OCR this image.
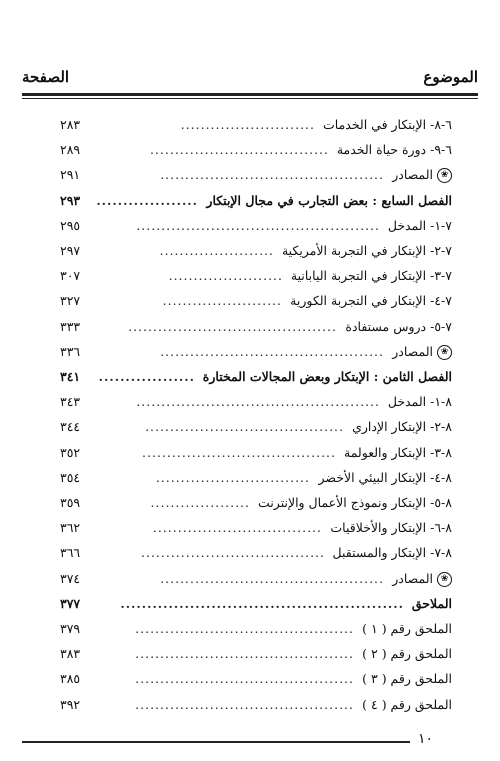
الموضوع
الصفحة
٦-٨- الإبتكار في الخدمات
...........................
٢٨٣
٦-٩- دورة حياة الخدمة
....................................
٢٨٩
❀
المصادر
.............................................
٢٩١
الفصل السابع : بعض التجارب في مجال الإبتكار
...................
٢٩٣
٧-١- المدخل
.................................................
٢٩٥
٧-٢- الإبتكار في التجربة الأمريكية
.......................
٢٩٧
٧-٣- الإبتكار في التجربة اليابانية
.......................
٣٠٧
٧-٤- الإبتكار في التجربة الكورية
........................
٣٢٧
٧-٥- دروس مستفادة
..........................................
٣٣٣
❀
المصادر
.............................................
٣٣٦
الفصل الثامن : الإبتكار وبعض المجالات المختارة
..................
٣٤١
٨-١- المدخل
.................................................
٣٤٣
٨-٢- الإبتكار الإداري
........................................
٣٤٤
٨-٣- الإبتكار والعولمة
.......................................
٣٥٢
٨-٤- الإبتكار البيئي الأخضر
...............................
٣٥٤
٨-٥- الإبتكار ونموذج الأعمال والإنترنت
....................
٣٥٩
٨-٦- الإبتكار والأخلاقيات
..................................
٣٦٢
٨-٧- الإبتكار والمستقبل
.....................................
٣٦٦
❀
المصادر
.............................................
٣٧٤
الملاحق
.....................................................
٣٧٧
الملحق رقم ( ١ )
............................................
٣٧٩
الملحق رقم ( ٢ )
............................................
٣٨٣
الملحق رقم ( ٣ )
............................................
٣٨٥
الملحق رقم ( ٤ )
............................................
٣٩٢
١٠
